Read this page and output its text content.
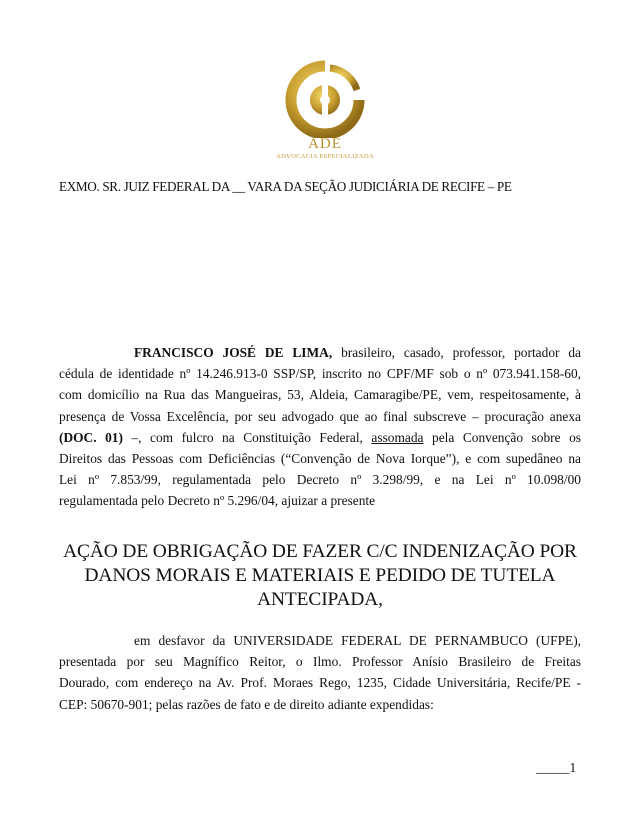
ADE
ADVOCACIA ESPECIALIZADA
EXMO. SR. JUIZ FEDERAL DA __ VARA DA SEÇÃO JUDICIÁRIA DE RECIFE – PE
FRANCISCO JOSÉ DE LIMA, brasileiro, casado, professor, portador da
cédula de identidade nº 14.246.913-0 SSP/SP, inscrito no CPF/MF sob o nº 073.941.158-60,
com domicílio na Rua das Mangueiras, 53, Aldeia, Camaragibe/PE, vem, respeitosamente, à
presença de Vossa Excelência, por seu advogado que ao final subscreve – procuração anexa
(DOC. 01) –, com fulcro na Constituição Federal, assomada pela Convenção sobre os
Direitos das Pessoas com Deficiências (“Convenção de Nova Iorque”), e com supedâneo na
Lei nº 7.853/99, regulamentada pelo Decreto nº 3.298/99, e na Lei nº 10.098/00
regulamentada pelo Decreto nº 5.296/04, ajuizar a presente
AÇÃO DE OBRIGAÇÃO DE FAZER C/C INDENIZAÇÃO POR
DANOS MORAIS E MATERIAIS E PEDIDO DE TUTELA
ANTECIPADA,
em desfavor da UNIVERSIDADE FEDERAL DE PERNAMBUCO (UFPE),
presentada por seu Magnífico Reitor, o Ilmo. Professor Anísio Brasileiro de Freitas
Dourado, com endereço na Av. Prof. Moraes Rego, 1235, Cidade Universitária, Recife/PE -
CEP: 50670-901; pelas razões de fato e de direito adiante expendidas:
_____1
